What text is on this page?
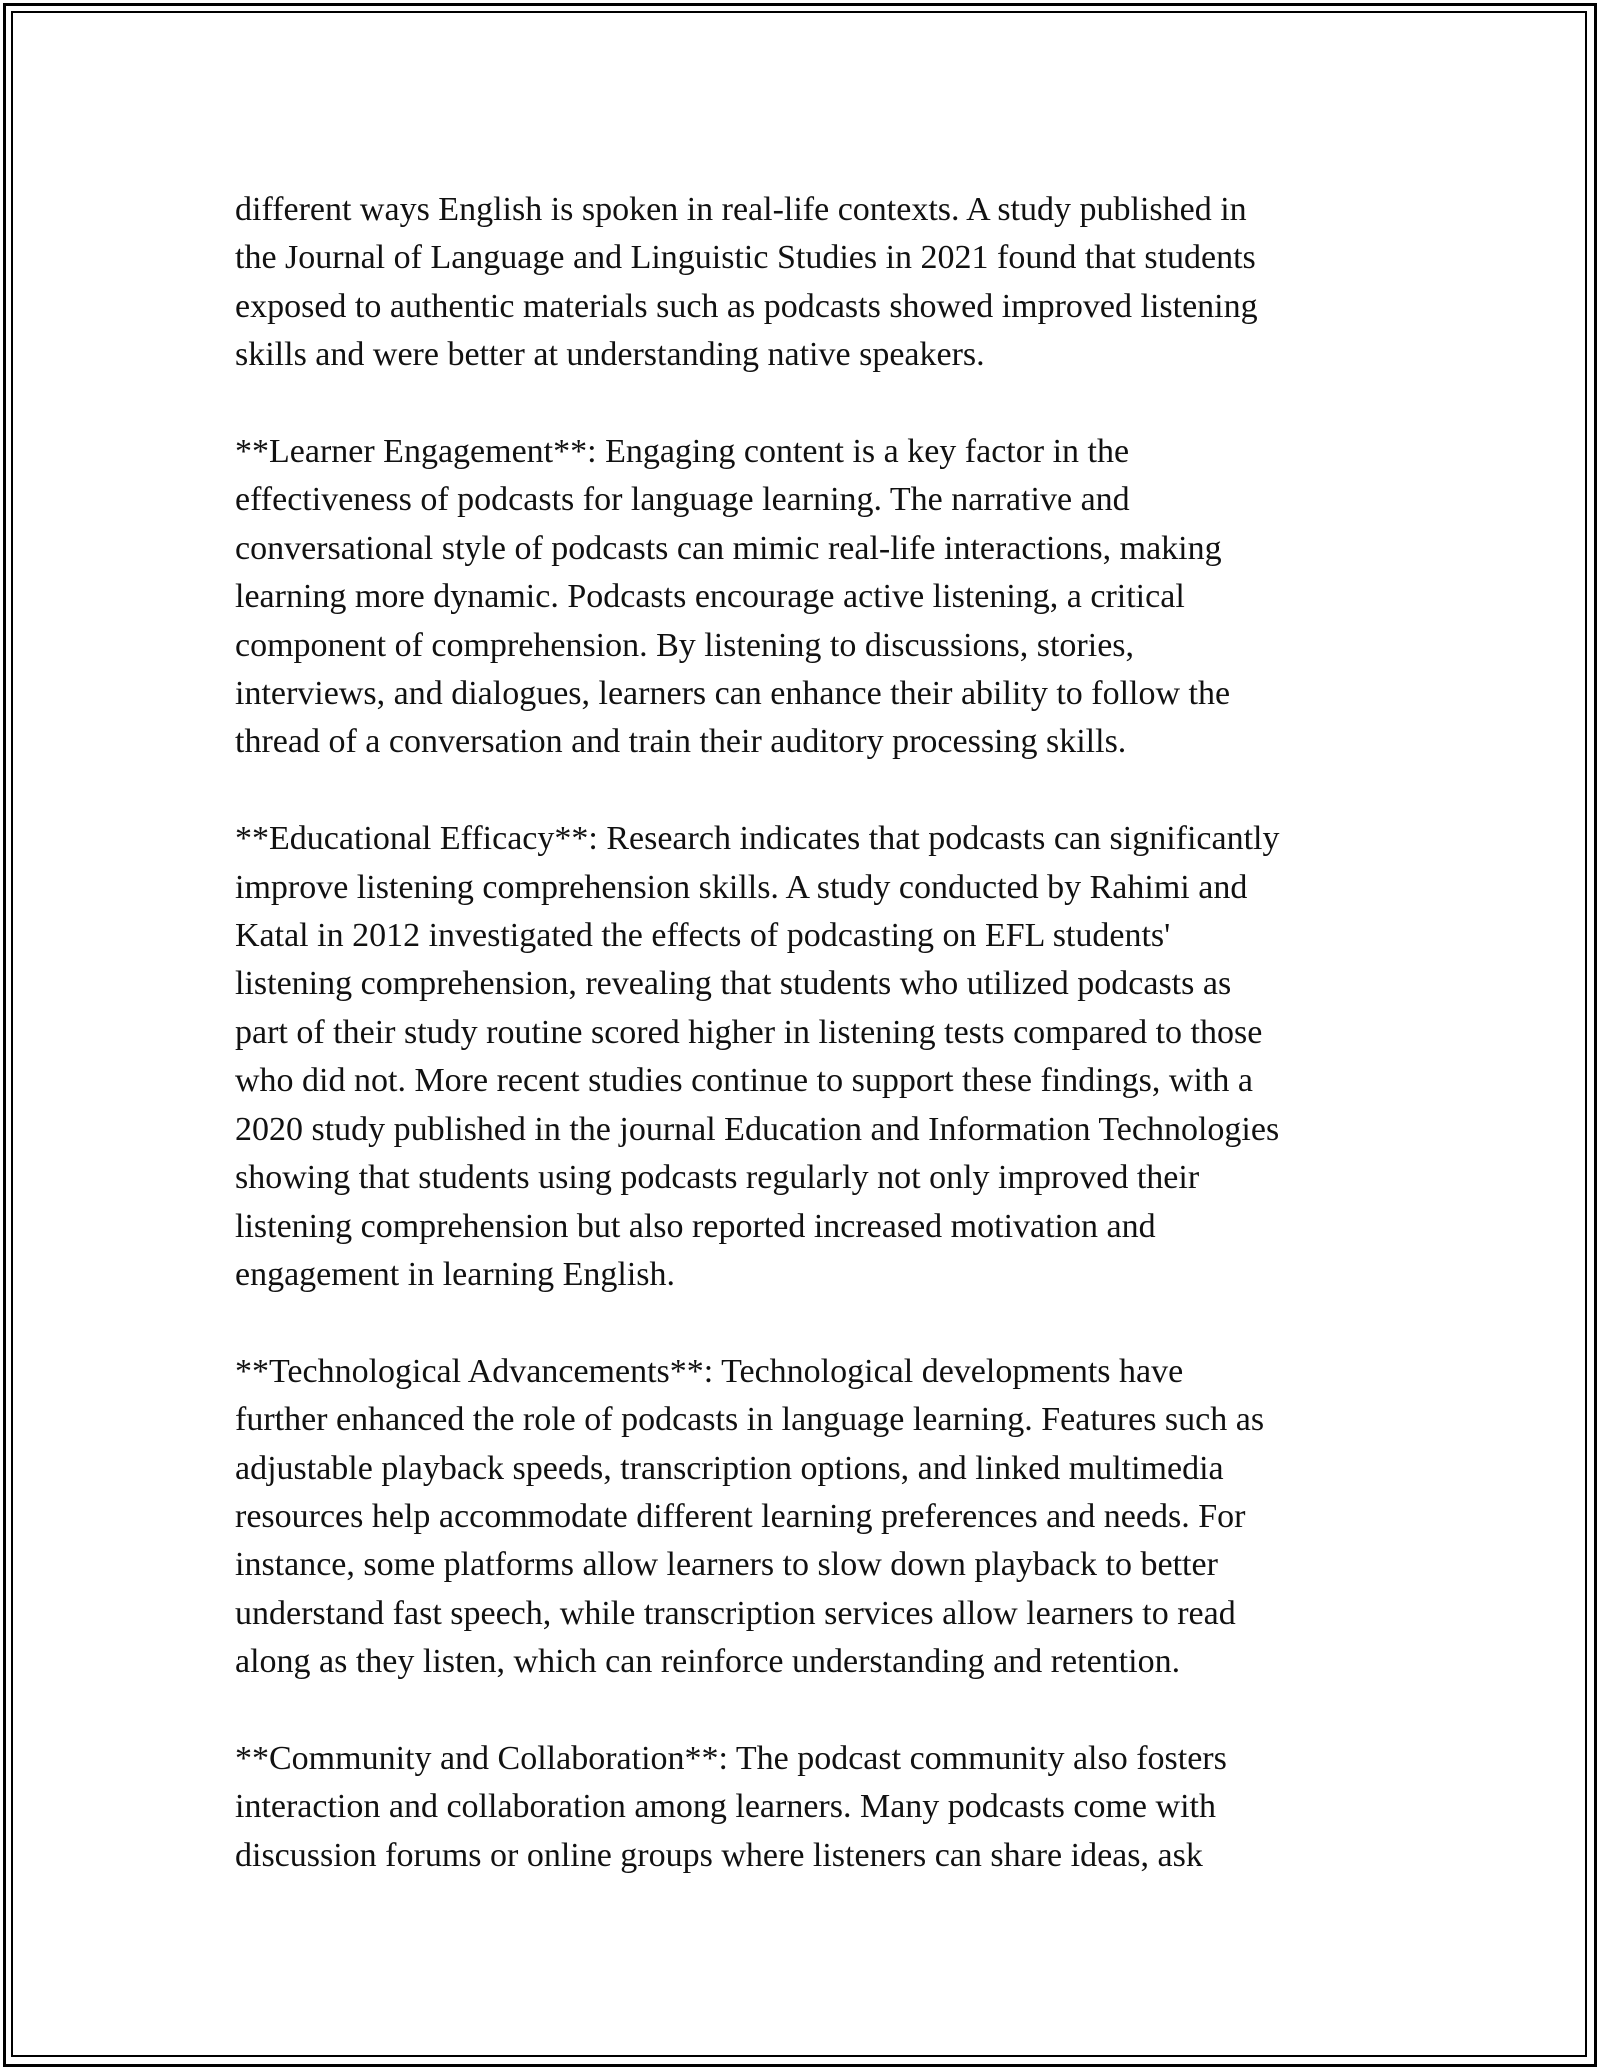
different ways English is spoken in real-life contexts. A study published in
the Journal of Language and Linguistic Studies in 2021 found that students
exposed to authentic materials such as podcasts showed improved listening
skills and were better at understanding native speakers.

**Learner Engagement**: Engaging content is a key factor in the
effectiveness of podcasts for language learning. The narrative and
conversational style of podcasts can mimic real-life interactions, making
learning more dynamic. Podcasts encourage active listening, a critical
component of comprehension. By listening to discussions, stories,
interviews, and dialogues, learners can enhance their ability to follow the
thread of a conversation and train their auditory processing skills.

**Educational Efficacy**: Research indicates that podcasts can significantly
improve listening comprehension skills. A study conducted by Rahimi and
Katal in 2012 investigated the effects of podcasting on EFL students'
listening comprehension, revealing that students who utilized podcasts as
part of their study routine scored higher in listening tests compared to those
who did not. More recent studies continue to support these findings, with a
2020 study published in the journal Education and Information Technologies
showing that students using podcasts regularly not only improved their
listening comprehension but also reported increased motivation and
engagement in learning English.

**Technological Advancements**: Technological developments have
further enhanced the role of podcasts in language learning. Features such as
adjustable playback speeds, transcription options, and linked multimedia
resources help accommodate different learning preferences and needs. For
instance, some platforms allow learners to slow down playback to better
understand fast speech, while transcription services allow learners to read
along as they listen, which can reinforce understanding and retention.

**Community and Collaboration**: The podcast community also fosters
interaction and collaboration among learners. Many podcasts come with
discussion forums or online groups where listeners can share ideas, ask
